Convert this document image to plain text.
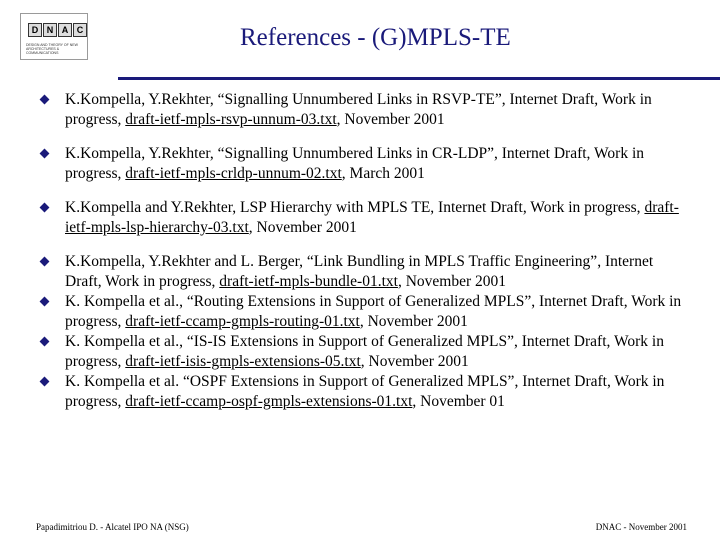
D N A C
DESIGN AND THEORY OF NEW ARCHITECTURES & COMMUNICATIONS
References - (G)MPLS-TE
K.Kompella, Y.Rekhter, “Signalling Unnumbered Links in RSVP-TE”, Internet Draft, Work in progress, draft-ietf-mpls-rsvp-unnum-03.txt, November 2001
K.Kompella, Y.Rekhter, “Signalling Unnumbered Links in CR-LDP”, Internet Draft, Work in progress, draft-ietf-mpls-crldp-unnum-02.txt, March 2001
K.Kompella and Y.Rekhter, LSP Hierarchy with MPLS TE, Internet Draft, Work in progress, draft-ietf-mpls-lsp-hierarchy-03.txt, November 2001
K.Kompella, Y.Rekhter and L. Berger, “Link Bundling in MPLS Traffic Engineering”, Internet Draft, Work in progress, draft-ietf-mpls-bundle-01.txt, November 2001
K. Kompella et al., “Routing Extensions in Support of Generalized MPLS”, Internet Draft, Work in progress, draft-ietf-ccamp-gmpls-routing-01.txt, November 2001
K. Kompella et al., “IS-IS Extensions in Support of Generalized MPLS”, Internet Draft, Work in progress, draft-ietf-isis-gmpls-extensions-05.txt, November 2001
K. Kompella et al. “OSPF Extensions in Support of Generalized MPLS”, Internet Draft, Work in progress, draft-ietf-ccamp-ospf-gmpls-extensions-01.txt, November 01
Papadimitriou D. - Alcatel IPO NA (NSG)	DNAC - November 2001
